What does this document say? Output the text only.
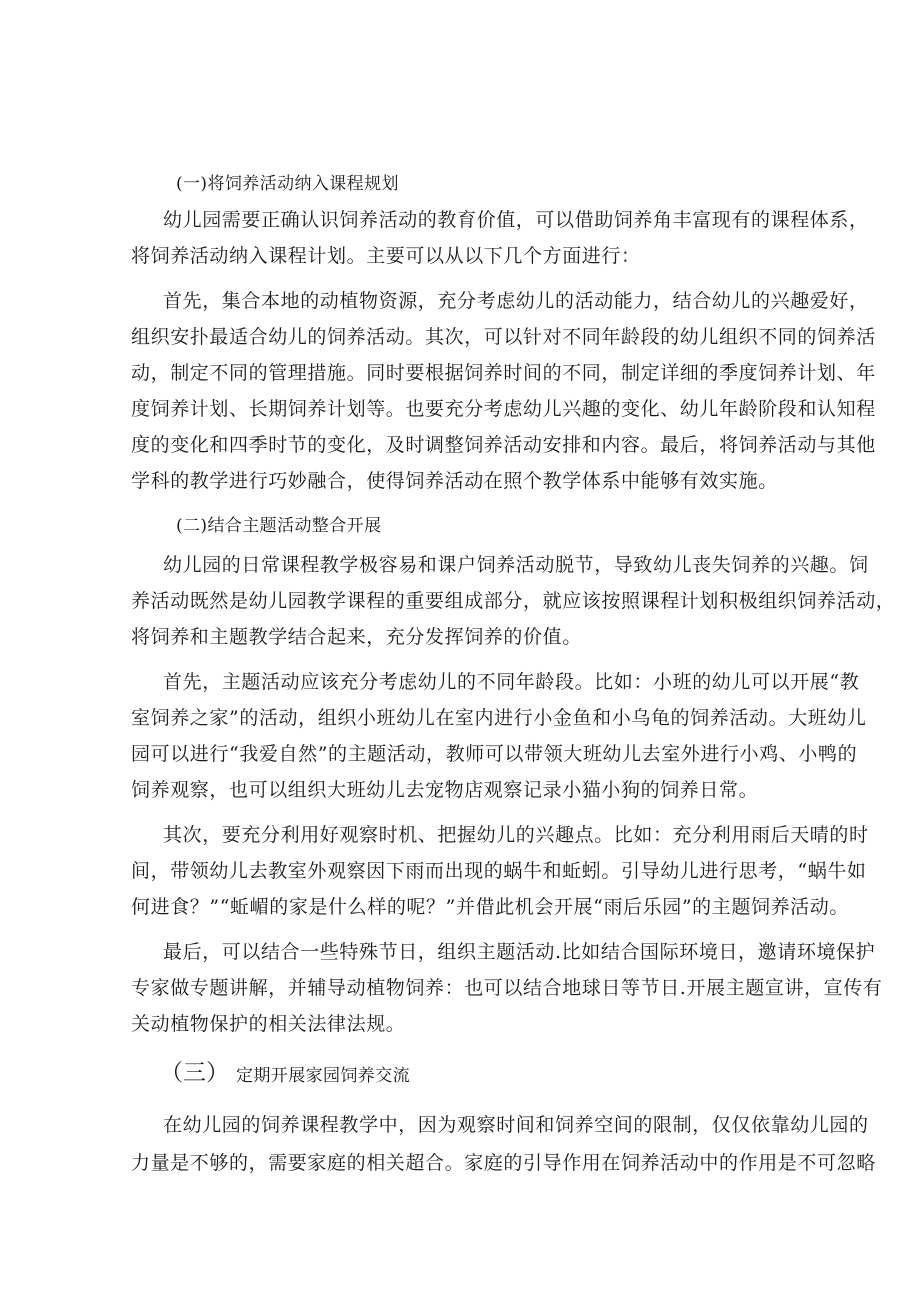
(一)将饲养活动纳入课程规划
幼儿园需要正确认识饲养活动的教育价值，可以借助饲养角丰富现有的课程体系，
将饲养活动纳入课程计划。主要可以从以下几个方面进行：
首先，集合本地的动植物资源，充分考虑幼儿的活动能力，结合幼儿的兴趣爱好，
组织安扑最适合幼儿的饲养活动。其次，可以针对不同年龄段的幼儿组织不同的饲养活
动，制定不同的管理措施。同时要根据饲养时间的不同，制定详细的季度饲养计划、年
度饲养计划、长期饲养计划等。也要充分考虑幼儿兴趣的变化、幼儿年龄阶段和认知程
度的变化和四季时节的变化，及时调整饲养活动安排和内容。最后，将饲养活动与其他
学科的教学进行巧妙融合，使得饲养活动在照个教学体系中能够有效实施。
(二)结合主题活动整合开展
幼儿园的日常课程教学极容易和课户饲养活动脱节，导致幼儿丧失饲养的兴趣。饲
养活动既然是幼儿园教学课程的重要组成部分，就应该按照课程计划积极组织饲养活动，
将饲养和主题教学结合起来，充分发挥饲养的价值。
首先，主题活动应该充分考虑幼儿的不同年龄段。比如：小班的幼儿可以开展“教
室饲养之家”的活动，组织小班幼儿在室内进行小金鱼和小乌龟的饲养活动。大班幼儿
园可以进行“我爱自然”的主题活动，教师可以带领大班幼儿去室外进行小鸡、小鸭的
饲养观察，也可以组织大班幼儿去宠物店观察记录小猫小狗的饲养日常。
其次，要充分利用好观察时机、把握幼儿的兴趣点。比如：充分利用雨后天晴的时
间，带领幼儿去教室外观察因下雨而出现的蜗牛和蚯蚓。引导幼儿进行思考，“蜗牛如
何进食？”“蚯嵋的家是什么样的呢？”并借此机会开展“雨后乐园”的主题饲养活动。
最后，可以结合一些特殊节日，组织主题活动.比如结合国际环境日，邀请环境保护
专家做专题讲解，并辅导动植物饲养：也可以结合地球日等节日.开展主题宣讲，宣传有
关动植物保护的相关法律法规。
（三） 定期开展家园饲养交流
在幼儿园的饲养课程教学中，因为观察时间和饲养空间的限制，仅仅依靠幼儿园的
力量是不够的，需要家庭的相关超合。家庭的引导作用在饲养活动中的作用是不可忽略
